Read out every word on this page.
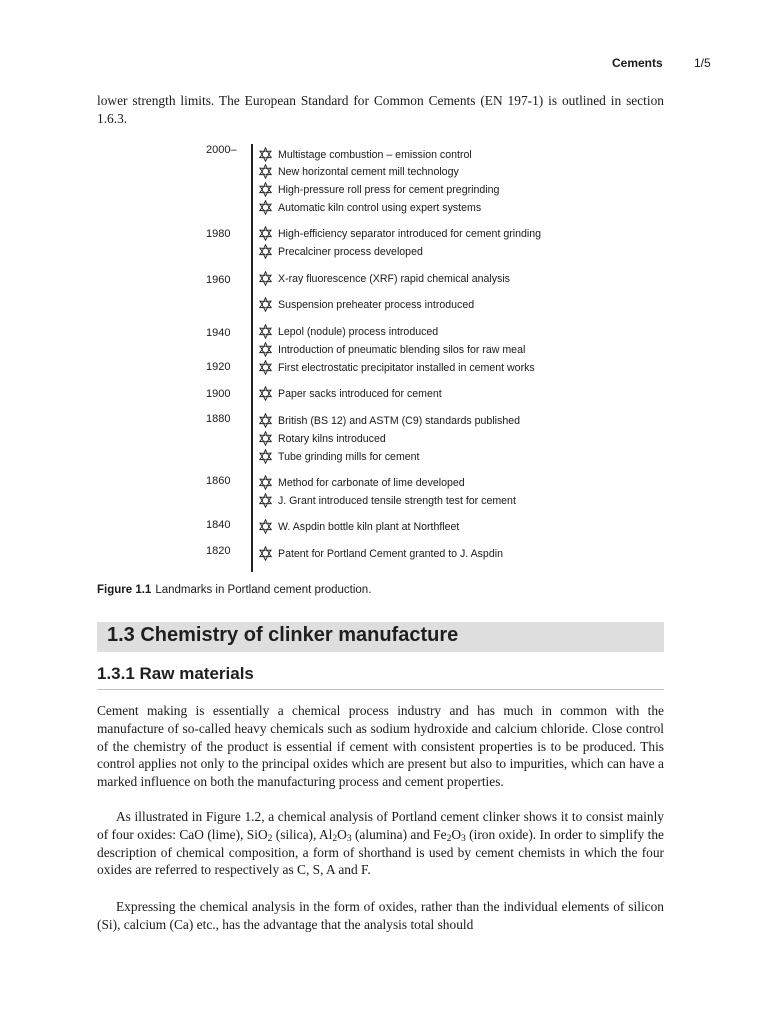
Cements	1/5

lower strength limits. The European Standard for Common Cements (EN 197-1) is outlined in section 1.6.3.

2000–
1980
1960
1940
1920
1900
1880
1860
1840
1820
Multistage combustion – emission control
New horizontal cement mill technology
High-pressure roll press for cement pregrinding
Automatic kiln control using expert systems
High-efficiency separator introduced for cement grinding
Precalciner process developed
X-ray fluorescence (XRF) rapid chemical analysis
Suspension preheater process introduced
Lepol (nodule) process introduced
Introduction of pneumatic blending silos for raw meal
First electrostatic precipitator installed in cement works
Paper sacks introduced for cement
British (BS 12) and ASTM (C9) standards published
Rotary kilns introduced
Tube grinding mills for cement
Method for carbonate of lime developed
J. Grant introduced tensile strength test for cement
W. Aspdin bottle kiln plant at Northfleet
Patent for Portland Cement granted to J. Aspdin
Figure 1.1 Landmarks in Portland cement production.
1.3 Chemistry of clinker manufacture
1.3.1 Raw materials

Cement making is essentially a chemical process industry and has much in common with the manufacture of so-called heavy chemicals such as sodium hydroxide and calcium chloride. Close control of the chemistry of the product is essential if cement with consistent properties is to be produced. This control applies not only to the principal oxides which are present but also to impurities, which can have a marked influence on both the manufacturing process and cement properties.

As illustrated in Figure 1.2, a chemical analysis of Portland cement clinker shows it to consist mainly of four oxides: CaO (lime), SiO$_2$ (silica), $Al_2O_3$ (alumina) and $Fe_2O_3$ (iron oxide). In order to simplify the description of chemical composition, a form of shorthand is used by cement chemists in which the four oxides are referred to respectively as C, S, A and F.

Expressing the chemical analysis in the form of oxides, rather than the individual elements of silicon (Si), calcium (Ca) etc., has the advantage that the analysis total should
